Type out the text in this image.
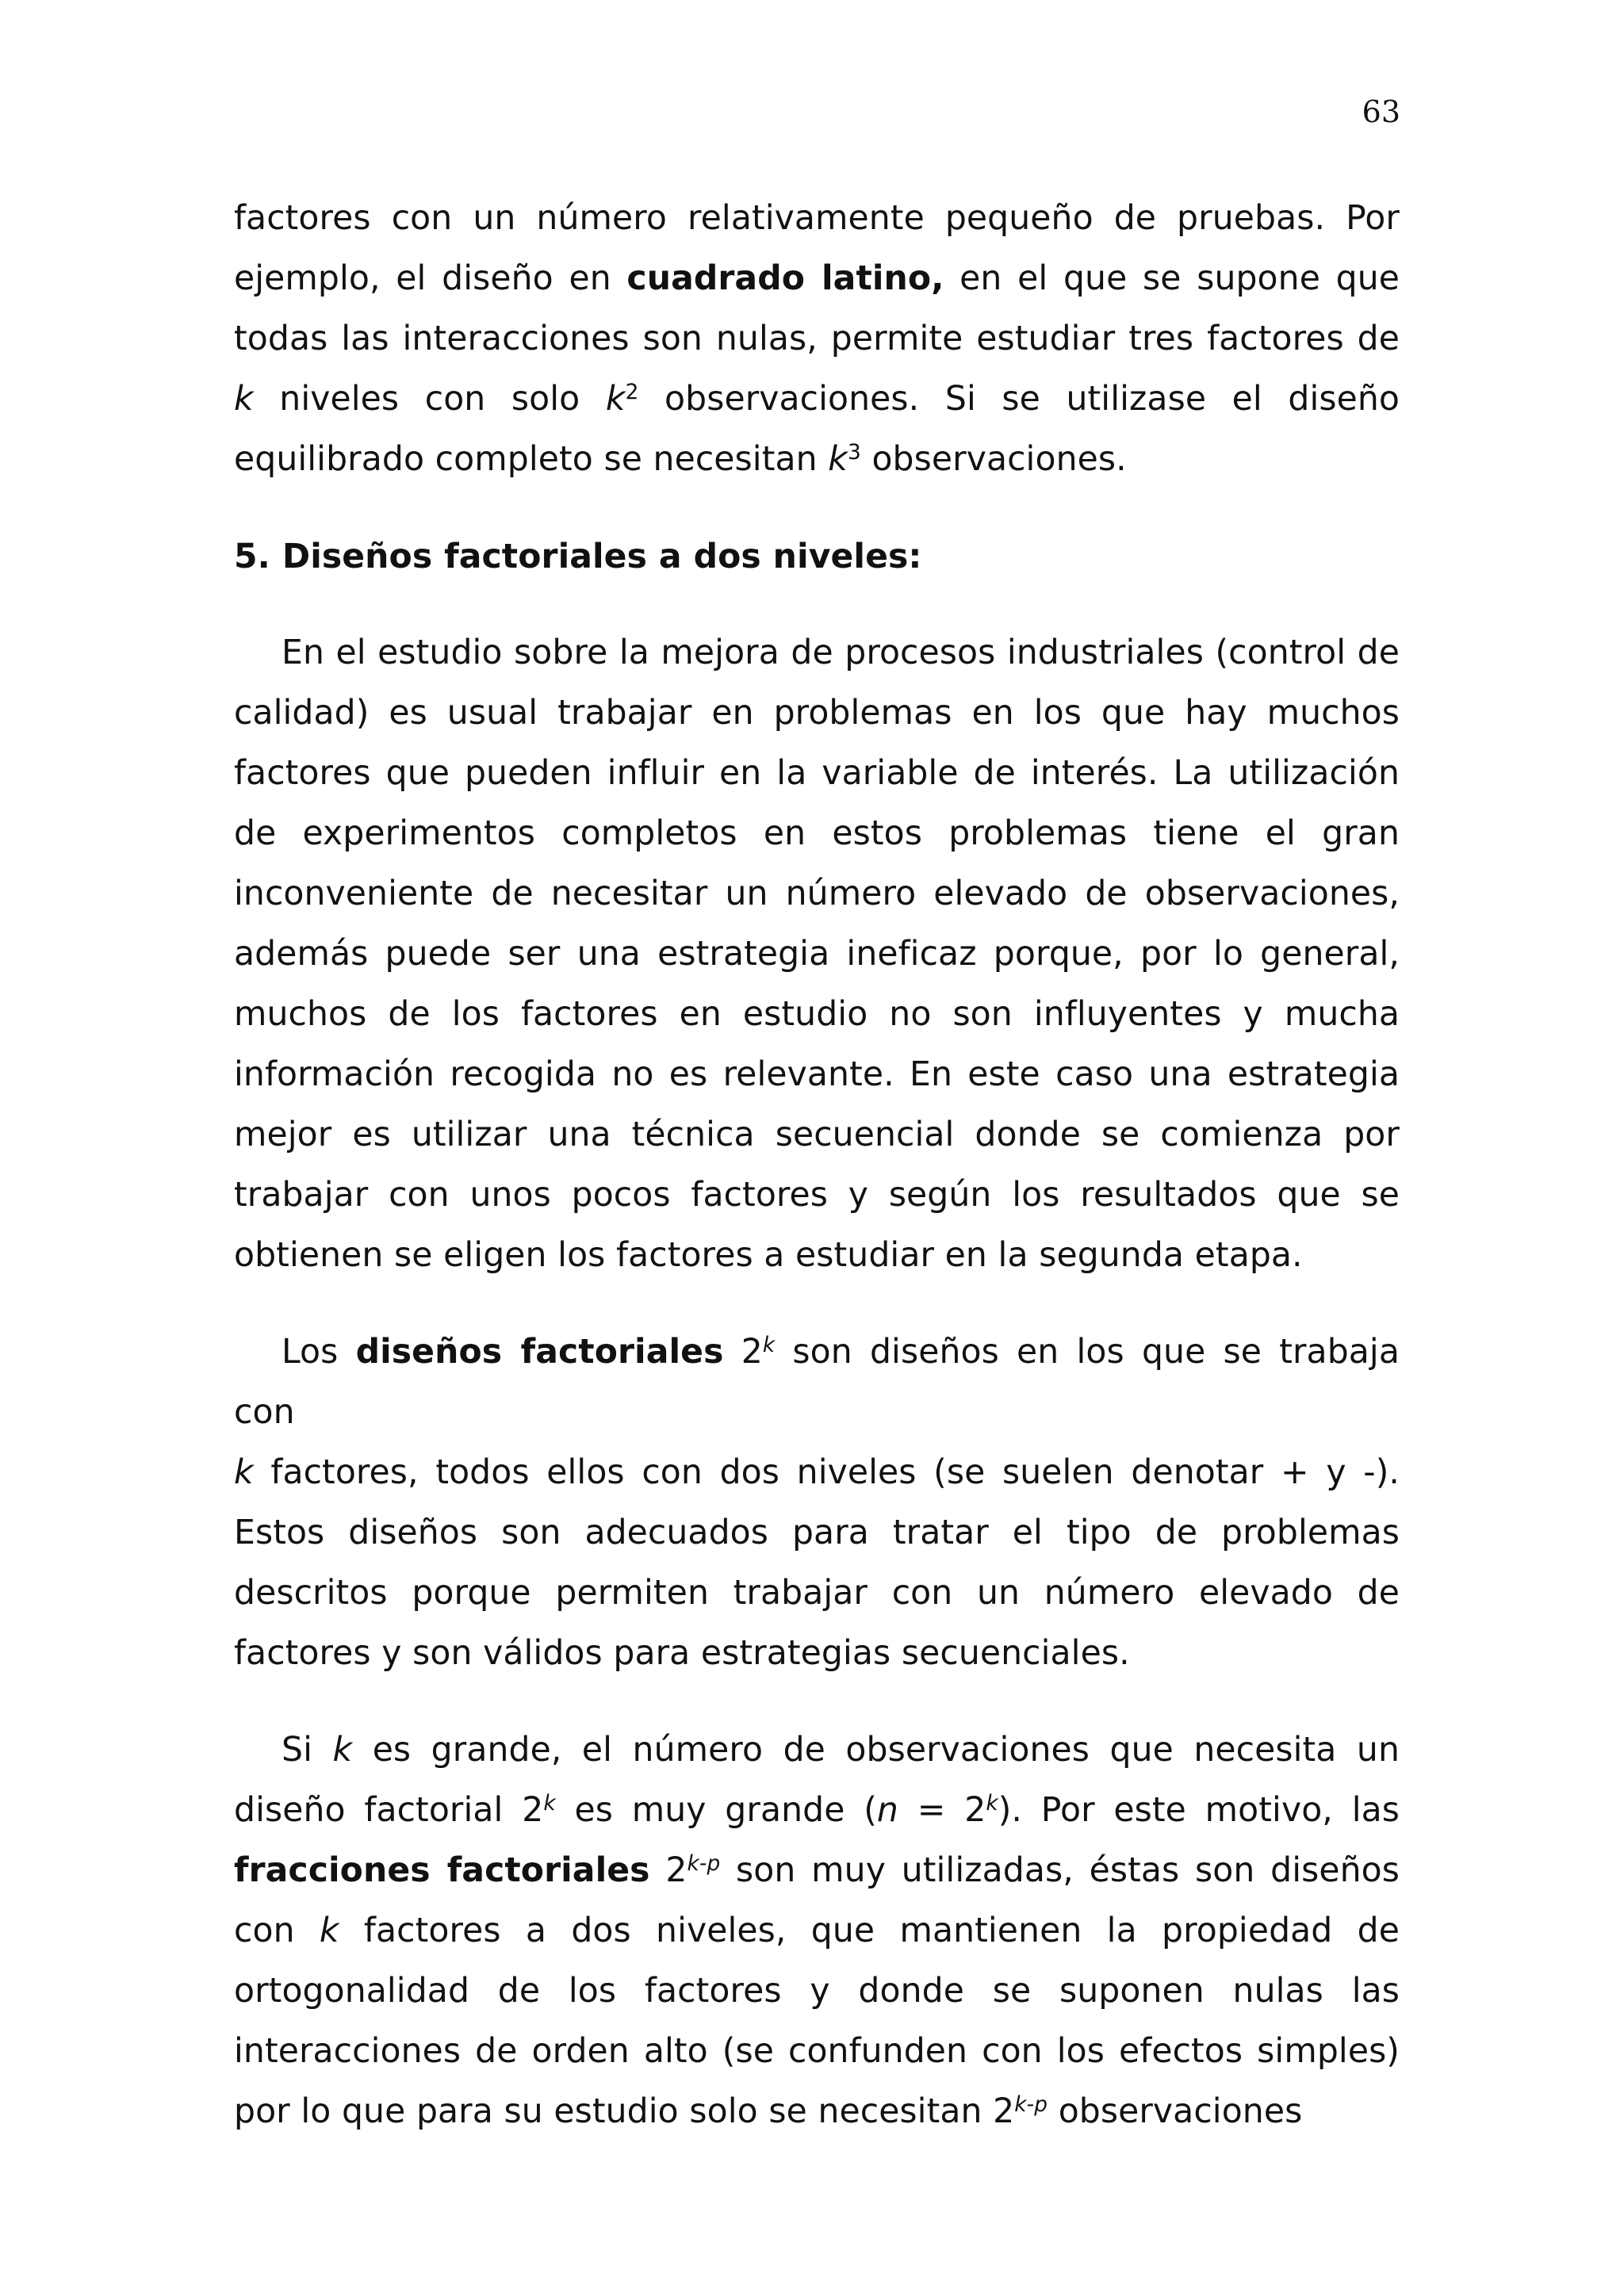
63

factores con un número relativamente pequeño de pruebas. Por ejemplo, el diseño en cuadrado latino, en el que se supone que todas las interacciones son nulas, permite estudiar tres factores de k niveles con solo $k^2$ observaciones. Si se utilizase el diseño equilibrado completo se necesitan $k^3$ observaciones.

5. Diseños factoriales a dos niveles:

En el estudio sobre la mejora de procesos industriales (control de calidad) es usual trabajar en problemas en los que hay muchos factores que pueden influir en la variable de interés. La utilización de experimentos completos en estos problemas tiene el gran inconveniente de necesitar un número elevado de observaciones, además puede ser una estrategia ineficaz porque, por lo general, muchos de los factores en estudio no son influyentes y mucha información recogida no es relevante. En este caso una estrategia mejor es utilizar una técnica secuencial donde se comienza por trabajar con unos pocos factores y según los resultados que se obtienen se eligen los factores a estudiar en la segunda etapa.

Los diseños factoriales 2$^k$ son diseños en los que se trabaja con
k factores, todos ellos con dos niveles (se suelen denotar + y -). Estos diseños son adecuados para tratar el tipo de problemas descritos porque permiten trabajar con un número elevado de factores y son válidos para estrategias secuenciales.

Si k es grande, el número de observaciones que necesita un diseño factorial 2$^k$ es muy grande $(n = 2^k)$. Por este motivo, las fracciones factoriales 2$^{k-p}$ son muy utilizadas, éstas son diseños con k factores a dos niveles, que mantienen la propiedad de ortogonalidad de los factores y donde se suponen nulas las interacciones de orden alto (se confunden con los efectos simples) por lo que para su estudio solo se necesitan 2$^{k-p}$ observaciones
